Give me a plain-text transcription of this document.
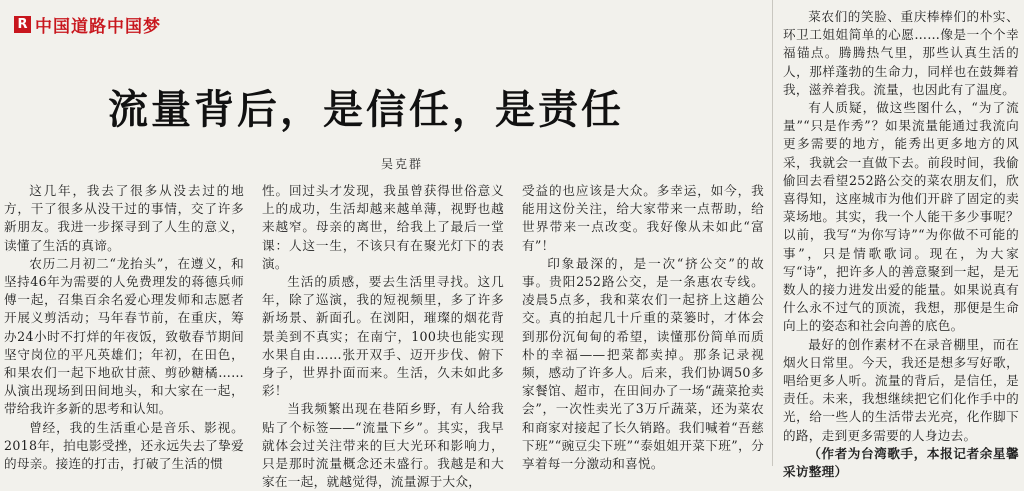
R 中国道路中国梦
流量背后，是信任，是责任
吴克群

这几年，我去了很多从没去过的地方，干了很多从没干过的事情，交了许多新朋友。我进一步探寻到了人生的意义，读懂了生活的真谛。

农历二月初二“龙抬头”，在遵义，和坚持46年为需要的人免费理发的蒋德兵师傅一起，召集百余名爱心理发师和志愿者开展义剪活动；马年春节前，在重庆，筹办24小时不打烊的年夜饭，致敬春节期间坚守岗位的平凡英雄们；年初，在田色，和果农们一起下地砍甘蔗、剪砂糖橘……从演出现场到田间地头，和大家在一起，带给我许多新的思考和认知。

曾经，我的生活重心是音乐、影视。2018年，拍电影受挫，还永远失去了挚爱的母亲。接连的打击，打破了生活的惯

性。回过头才发现，我虽曾获得世俗意义上的成功，生活却越来越单薄，视野也越来越窄。母亲的离世，给我上了最后一堂课：人这一生，不该只有在聚光灯下的表演。

生活的质感，要去生活里寻找。这几年，除了巡演，我的短视频里，多了许多新场景、新面孔。在浏阳，璀璨的烟花背景美到不真实；在南宁，100块也能实现水果自由……张开双手、迈开步伐、俯下身子，世界扑面而来。生活，久未如此多彩！

当我频繁出现在巷陌乡野，有人给我贴了个标签——“流量下乡”。其实，我早就体会过关注带来的巨大光环和影响力，只是那时流量概念还未盛行。我越是和大家在一起，就越觉得，流量源于大众，

受益的也应该是大众。多幸运，如今，我能用这份关注，给大家带来一点帮助，给世界带来一点改变。我好像从未如此“富有”！

印象最深的，是一次“挤公交”的故事。贵阳252路公交，是一条惠农专线。凌晨5点多，我和菜农们一起挤上这趟公交。真的拍起几十斤重的菜篓时，才体会到那份沉甸甸的希望，读懂那份简单而质朴的幸福——把菜都卖掉。那条记录视频，感动了许多人。后来，我们协调50多家餐馆、超市，在田间办了一场“蔬菜抢卖会”，一次性卖光了3万斤蔬菜，还为菜农和商家对接起了长久销路。我们喊着“吾慈下班”“豌豆尖下班”“泰姐姐开菜下班”，分享着每一分激动和喜悦。

菜农们的笑脸、重庆棒棒们的朴实、环卫工姐姐简单的心愿……像是一个个幸福锚点。腾腾热气里，那些认真生活的人，那样蓬勃的生命力，同样也在鼓舞着我，滋养着我。流量，也因此有了温度。

有人质疑，做这些图什么，“为了流量”“只是作秀”？如果流量能通过我流向更多需要的地方，能秀出更多地方的风采，我就会一直做下去。前段时间，我偷偷回去看望252路公交的菜农朋友们，欣喜得知，这座城市为他们开辟了固定的卖菜场地。其实，我一个人能干多少事呢？以前，我写“为你写诗”“为你做不可能的事”，只是情歌歌词。现在，为大家写“诗”，把许多人的善意聚到一起，是无数人的接力进发出爱的能量。如果说真有什么永不过气的顶流，我想，那便是生命向上的姿态和社会向善的底色。

最好的创作素材不在录音棚里，而在烟火日常里。今天，我还是想多写好歌，唱给更多人听。流量的背后，是信任，是责任。未来，我想继续把它们化作手中的光，给一些人的生活带去光亮，化作脚下的路，走到更多需要的人身边去。

（作者为台湾歌手，本报记者余星馨采访整理）
